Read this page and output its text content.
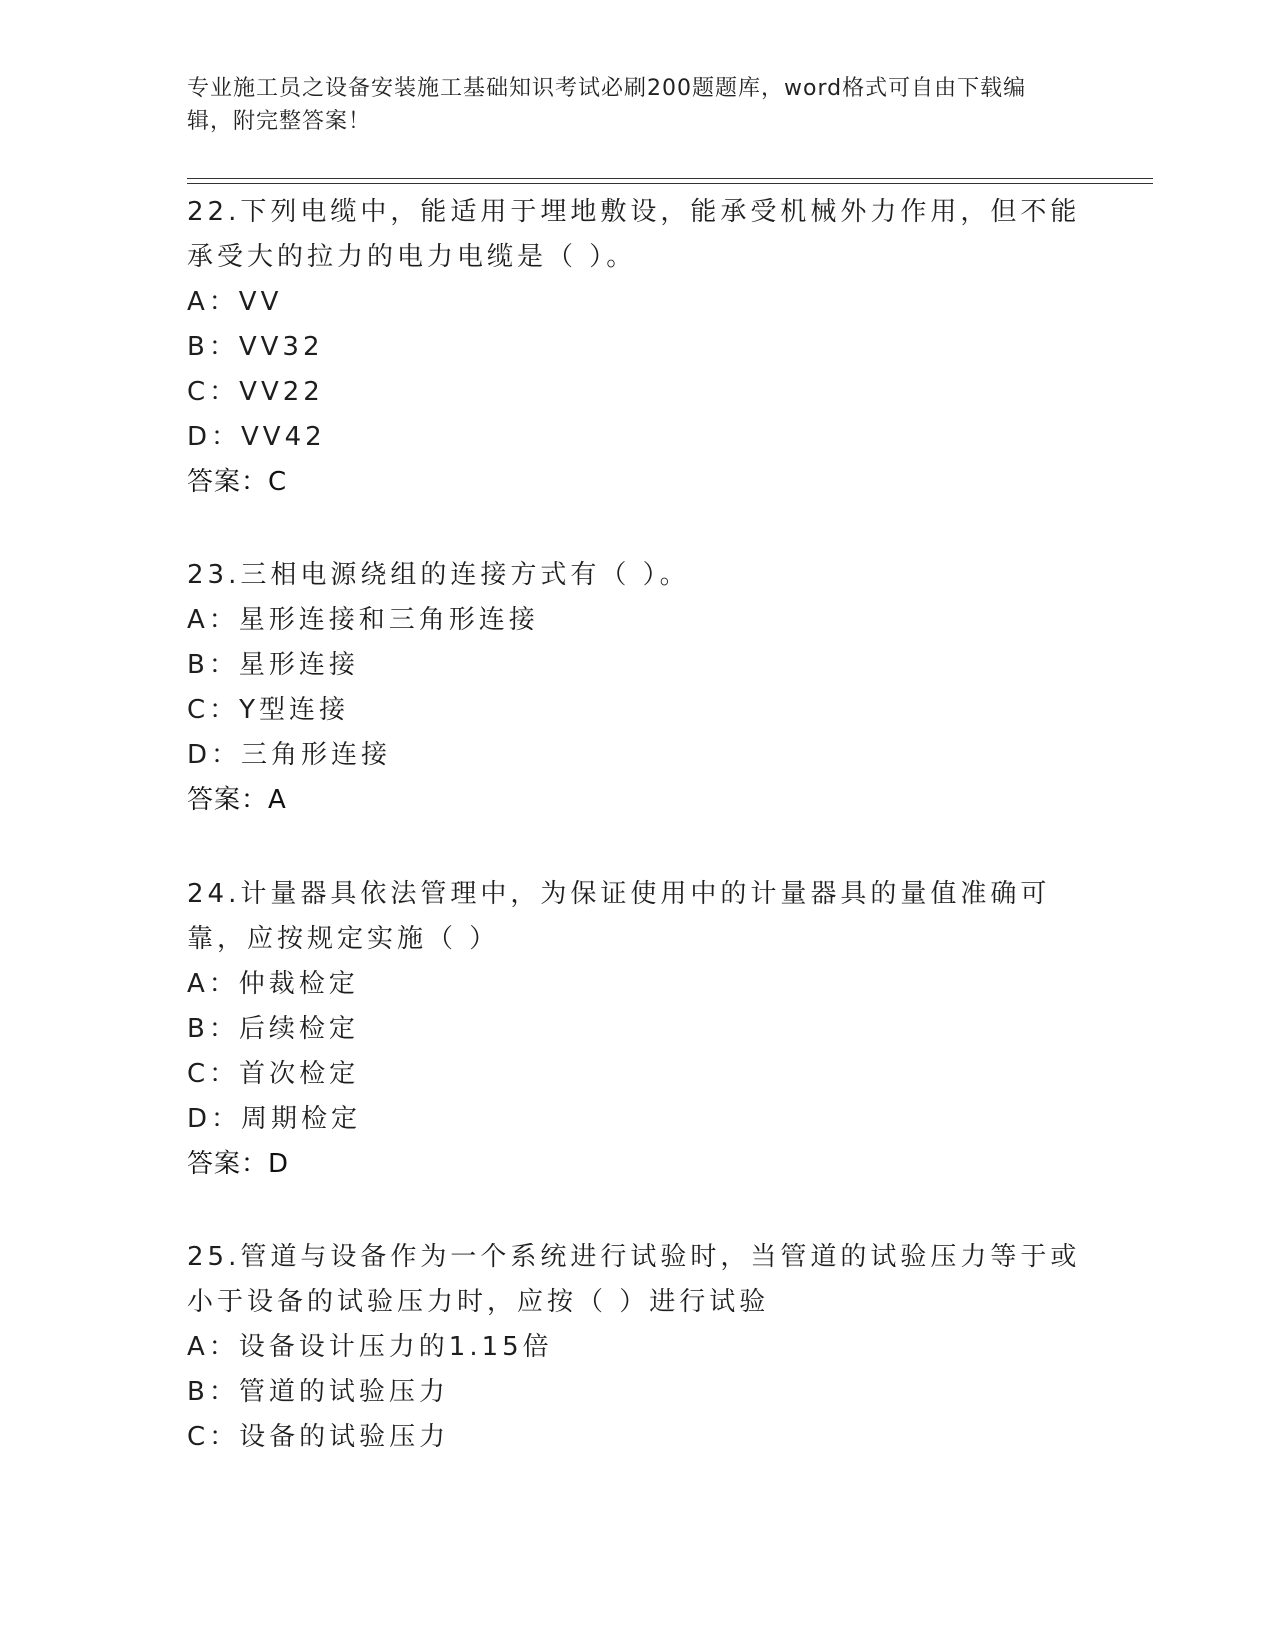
专业施工员之设备安装施工基础知识考试必刷200题题库，word格式可自由下载编辑，附完整答案！

22.下列电缆中，能适用于埋地敷设，能承受机械外力作用，但不能承受大的拉力的电力电缆是（ ）。

A：VV

B：VV32

C：VV22

D：VV42

答案：C

23.三相电源绕组的连接方式有（ ）。

A：星形连接和三角形连接

B：星形连接

C：Y型连接

D：三角形连接

答案：A

24.计量器具依法管理中，为保证使用中的计量器具的量值准确可靠，应按规定实施（ ）

A：仲裁检定

B：后续检定

C：首次检定

D：周期检定

答案：D

25.管道与设备作为一个系统进行试验时，当管道的试验压力等于或小于设备的试验压力时，应按（ ）进行试验

A：设备设计压力的1.15倍

B：管道的试验压力

C：设备的试验压力
